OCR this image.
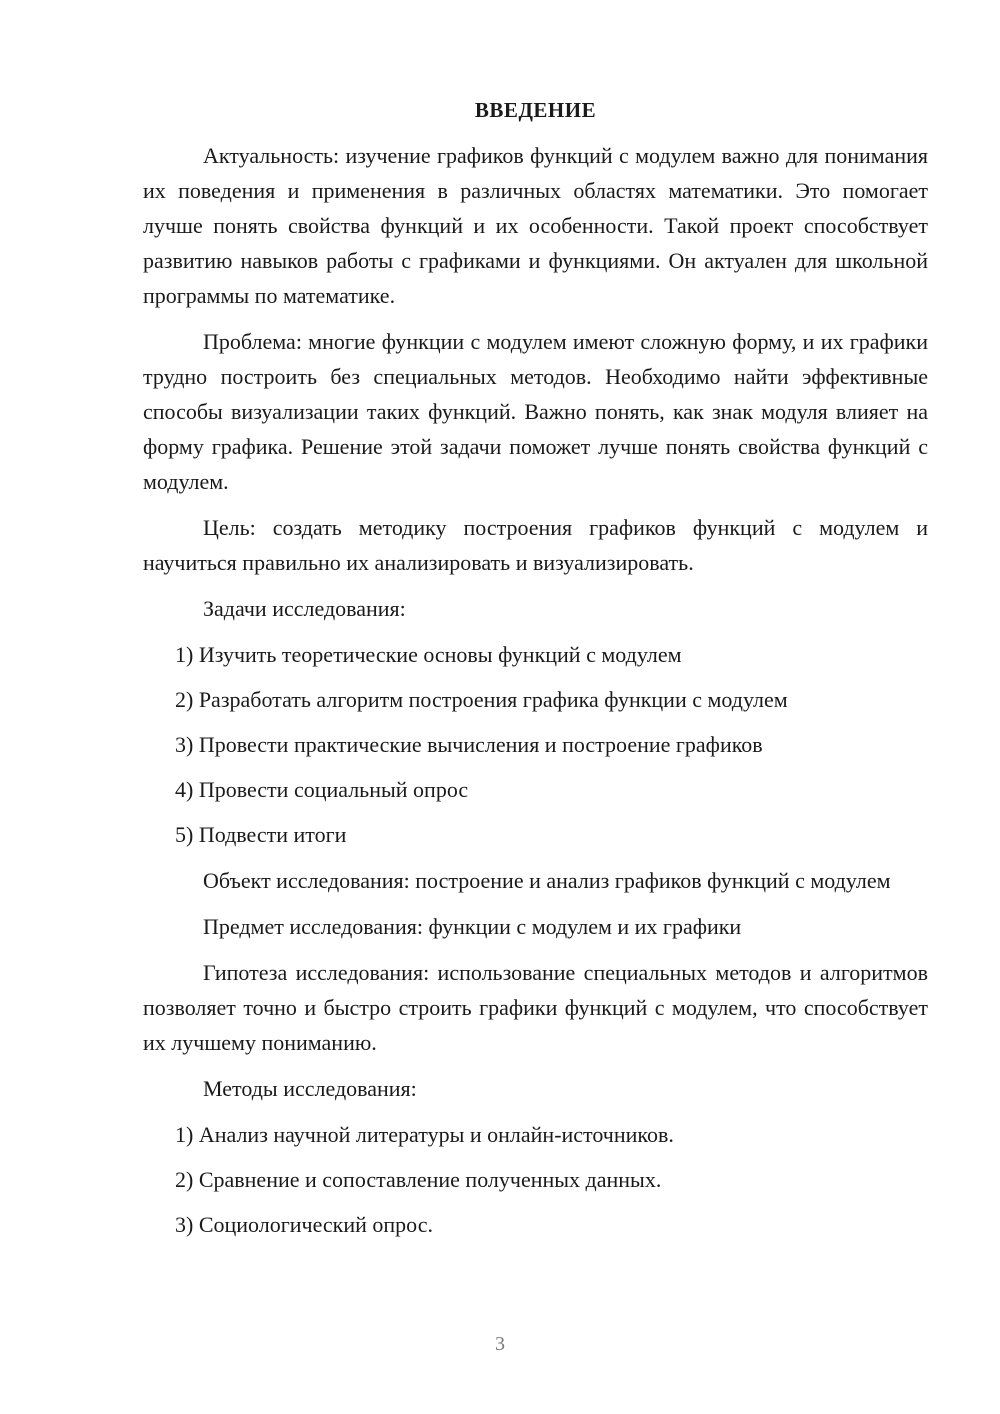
ВВЕДЕНИЕ

Актуальность: изучение графиков функций с модулем важно для понимания их поведения и применения в различных областях математики. Это помогает лучше понять свойства функций и их особенности. Такой проект способствует развитию навыков работы с графиками и функциями. Он актуален для школьной программы по математике.

Проблема: многие функции с модулем имеют сложную форму, и их графики трудно построить без специальных методов. Необходимо найти эффективные способы визуализации таких функций. Важно понять, как знак модуля влияет на форму графика. Решение этой задачи поможет лучше понять свойства функций с модулем.

Цель: создать методику построения графиков функций с модулем и научиться правильно их анализировать и визуализировать.

Задачи исследования:

1) Изучить теоретические основы функций с модулем
2) Разработать алгоритм построения графика функции с модулем
3) Провести практические вычисления и построение графиков
4) Провести социальный опрос
5) Подвести итоги

Объект исследования: построение и анализ графиков функций с модулем

Предмет исследования: функции с модулем и их графики

Гипотеза исследования: использование специальных методов и алгоритмов позволяет точно и быстро строить графики функций с модулем, что способствует их лучшему пониманию.

Методы исследования:

1) Анализ научной литературы и онлайн-источников.
2) Сравнение и сопоставление полученных данных.
3) Социологический опрос.
3
